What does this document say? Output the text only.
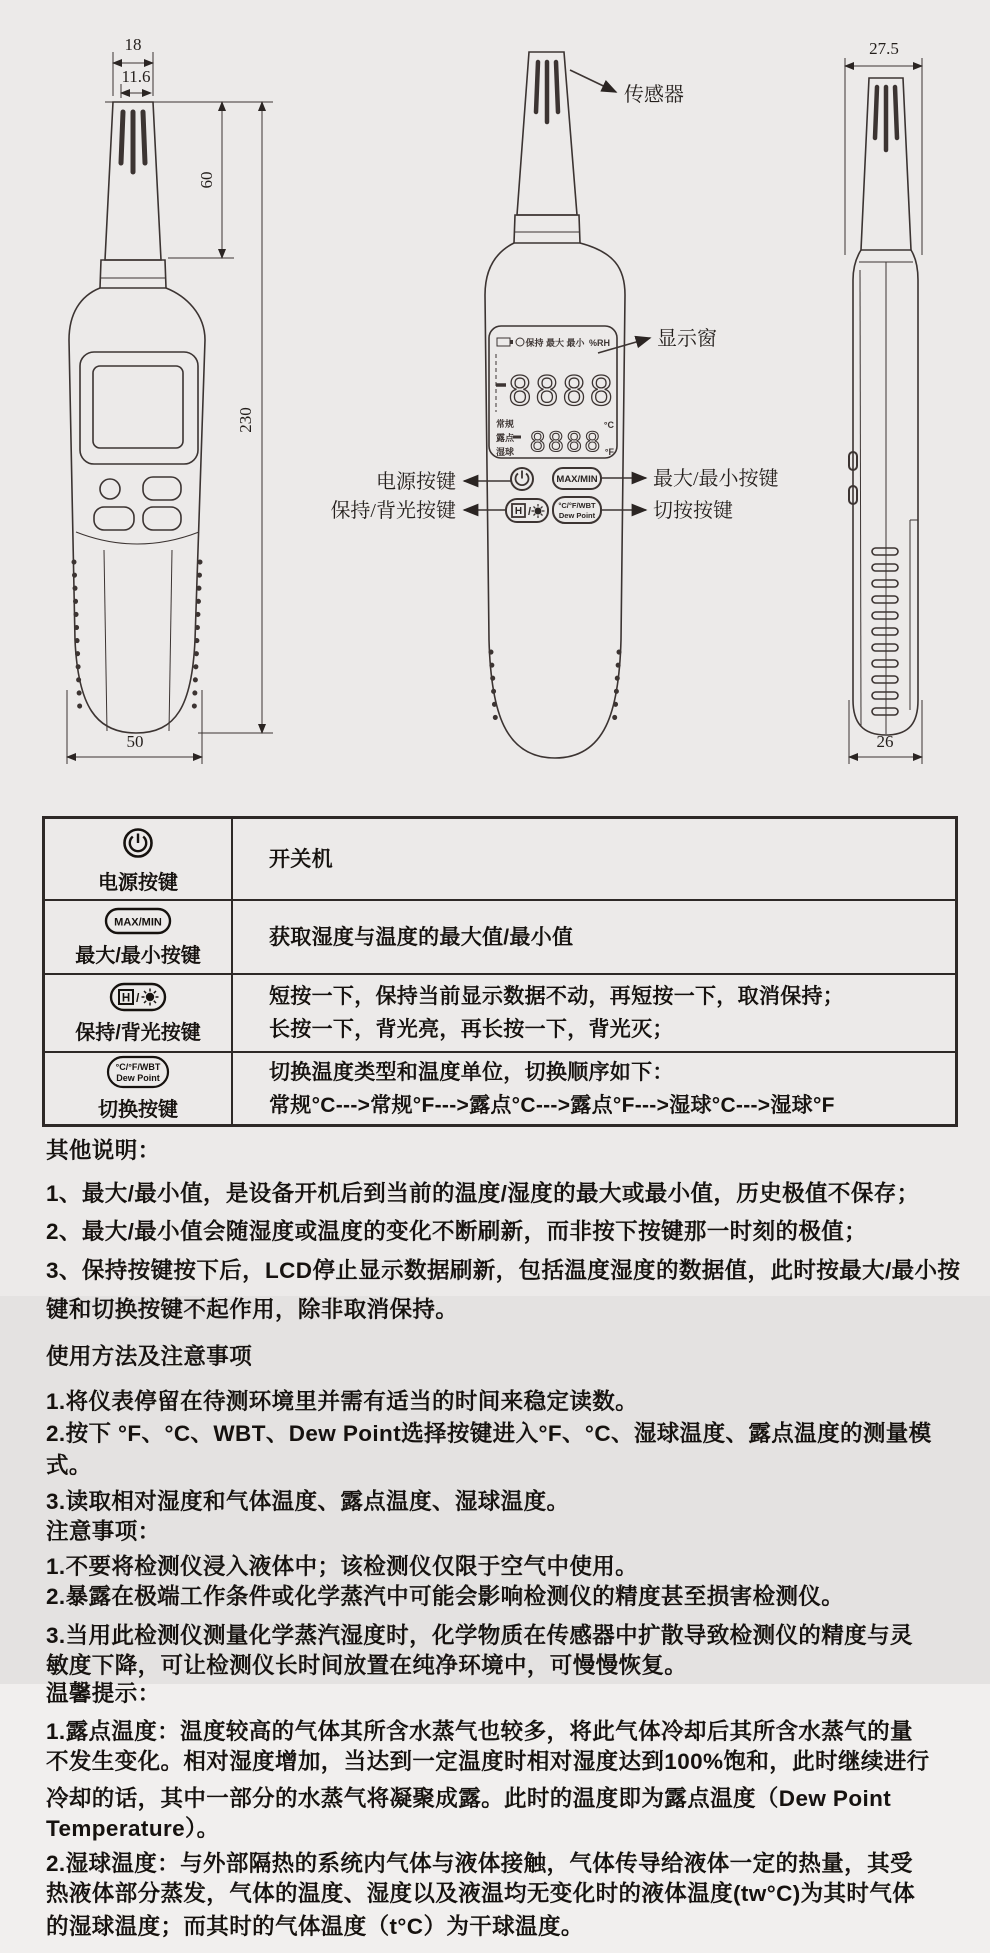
18
11.6
60
230
50
保持 最大 最小 %RH
8888
常规
露点
湿球 8888
°C
°F
MAX/MIN
H /
°C/°F/WBT
Dew Point
传感器
显示窗
电源按键
保持/背光按键
最大/最小按键
切按按键
27.5
26
电源按键
开关机
MAX/MIN
最大/最小按键
获取湿度与温度的最大值/最小值
H /
保持/背光按键
短按一下，保持当前显示数据不动，再短按一下，取消保持；
长按一下，背光亮，再长按一下，背光灭；
°C/°F/WBT
Dew Point
切换按键
切换温度类型和温度单位，切换顺序如下：
常规°C--->常规°F--->露点°C--->露点°F--->湿球°C--->湿球°F
其他说明：
1、最大/最小值，是设备开机后到当前的温度/湿度的最大或最小值，历史极值不保存；
2、最大/最小值会随湿度或温度的变化不断刷新，而非按下按键那一时刻的极值；
3、保持按键按下后，LCD停止显示数据刷新，包括温度湿度的数据值，此时按最大/最小按
键和切换按键不起作用，除非取消保持。
使用方法及注意事项
1.将仪表停留在待测环境里并需有适当的时间来稳定读数。
2.按下 °F、°C、WBT、Dew Point选择按键进入°F、°C、湿球温度、露点温度的测量模
式。
3.读取相对湿度和气体温度、露点温度、湿球温度。
注意事项：
1.不要将检测仪浸入液体中；该检测仪仅限于空气中使用。
2.暴露在极端工作条件或化学蒸汽中可能会影响检测仪的精度甚至损害检测仪。
3.当用此检测仪测量化学蒸汽湿度时，化学物质在传感器中扩散导致检测仪的精度与灵
敏度下降，可让检测仪长时间放置在纯净环境中，可慢慢恢复。
温馨提示：
1.露点温度：温度较高的气体其所含水蒸气也较多，将此气体冷却后其所含水蒸气的量
不发生变化。相对湿度增加，当达到一定温度时相对湿度达到100%饱和，此时继续进行
冷却的话，其中一部分的水蒸气将凝聚成露。此时的温度即为露点温度（Dew Point
Temperature）。
2.湿球温度：与外部隔热的系统内气体与液体接触，气体传导给液体一定的热量，其受
热液体部分蒸发，气体的温度、湿度以及液温均无变化时的液体温度(tw°C)为其时气体
的湿球温度；而其时的气体温度（t°C）为干球温度。
